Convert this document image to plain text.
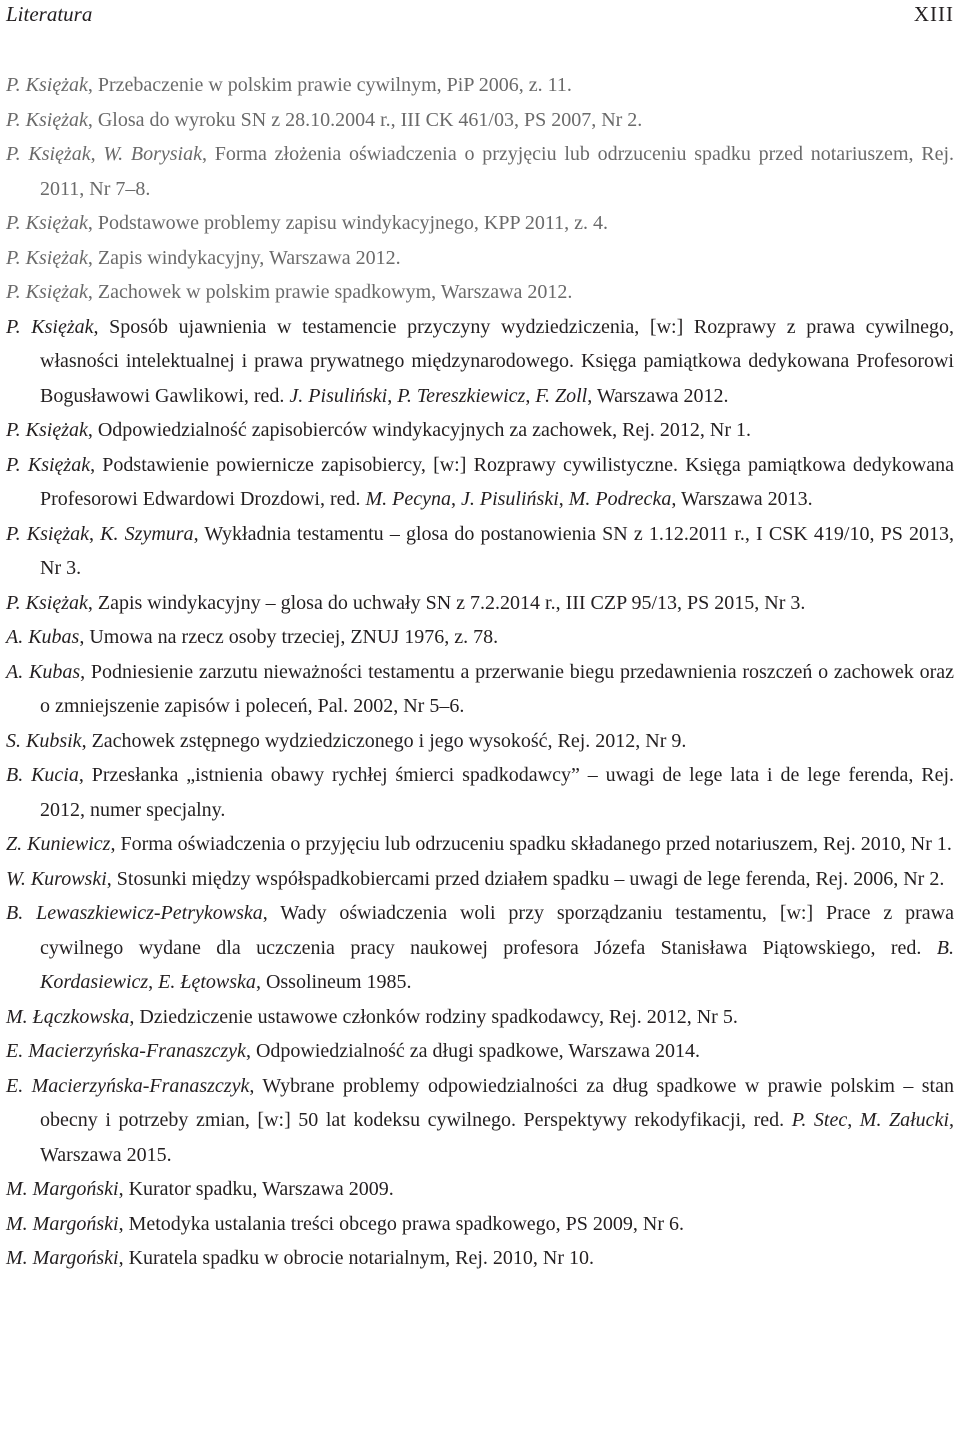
Literatura	XIII
P. Księżak, Przebaczenie w polskim prawie cywilnym, PiP 2006, z. 11.
P. Księżak, Glosa do wyroku SN z 28.10.2004 r., III CK 461/03, PS 2007, Nr 2.
P. Księżak, W. Borysiak, Forma złożenia oświadczenia o przyjęciu lub odrzuceniu spadku przed notariuszem, Rej. 2011, Nr 7–8.
P. Księżak, Podstawowe problemy zapisu windykacyjnego, KPP 2011, z. 4.
P. Księżak, Zapis windykacyjny, Warszawa 2012.
P. Księżak, Zachowek w polskim prawie spadkowym, Warszawa 2012.
P. Księżak, Sposób ujawnienia w testamencie przyczyny wydziedziczenia, [w:] Rozprawy z prawa cywilnego, własności intelektualnej i prawa prywatnego międzynarodowego. Księga pamiątkowa dedykowana Profesorowi Bogusławowi Gawlikowi, red. J. Pisuliński, P. Tereszkiewicz, F. Zoll, Warszawa 2012.
P. Księżak, Odpowiedzialność zapisobierców windykacyjnych za zachowek, Rej. 2012, Nr 1.
P. Księżak, Podstawienie powiernicze zapisobiercy, [w:] Rozprawy cywilistyczne. Księga pamiątkowa dedykowana Profesorowi Edwardowi Drozdowi, red. M. Pecyna, J. Pisuliński, M. Podrecka, Warszawa 2013.
P. Księżak, K. Szymura, Wykładnia testamentu – glosa do postanowienia SN z 1.12.2011 r., I CSK 419/10, PS 2013, Nr 3.
P. Księżak, Zapis windykacyjny – glosa do uchwały SN z 7.2.2014 r., III CZP 95/13, PS 2015, Nr 3.
A. Kubas, Umowa na rzecz osoby trzeciej, ZNUJ 1976, z. 78.
A. Kubas, Podniesienie zarzutu nieważności testamentu a przerwanie biegu przedawnienia roszczeń o zachowek oraz o zmniejszenie zapisów i poleceń, Pal. 2002, Nr 5–6.
S. Kubsik, Zachowek zstępnego wydziedziczonego i jego wysokość, Rej. 2012, Nr 9.
B. Kucia, Przesłanka „istnienia obawy rychłej śmierci spadkodawcy” – uwagi de lege lata i de lege ferenda, Rej. 2012, numer specjalny.
Z. Kuniewicz, Forma oświadczenia o przyjęciu lub odrzuceniu spadku składanego przed notariuszem, Rej. 2010, Nr 1.
W. Kurowski, Stosunki między współspadkobiercami przed działem spadku – uwagi de lege ferenda, Rej. 2006, Nr 2.
B. Lewaszkiewicz-Petrykowska, Wady oświadczenia woli przy sporządzaniu testamentu, [w:] Prace z prawa cywilnego wydane dla uczczenia pracy naukowej profesora Józefa Stanisława Piątowskiego, red. B. Kordasiewicz, E. Łętowska, Ossolineum 1985.
M. Łączkowska, Dziedziczenie ustawowe członków rodziny spadkodawcy, Rej. 2012, Nr 5.
E. Macierzyńska-Franaszczyk, Odpowiedzialność za długi spadkowe, Warszawa 2014.
E. Macierzyńska-Franaszczyk, Wybrane problemy odpowiedzialności za dług spadkowe w prawie polskim – stan obecny i potrzeby zmian, [w:] 50 lat kodeksu cywilnego. Perspektywy rekodyfikacji, red. P. Stec, M. Załucki, Warszawa 2015.
M. Margoński, Kurator spadku, Warszawa 2009.
M. Margoński, Metodyka ustalania treści obcego prawa spadkowego, PS 2009, Nr 6.
M. Margoński, Kuratela spadku w obrocie notarialnym, Rej. 2010, Nr 10.
